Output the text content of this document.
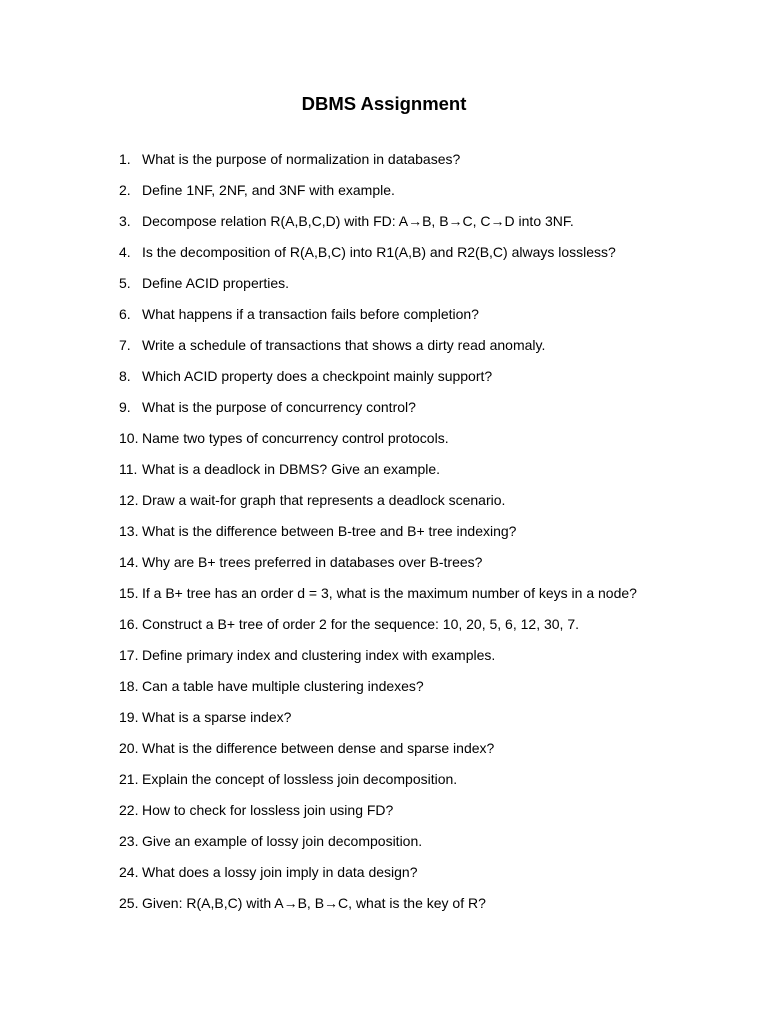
DBMS Assignment
1. What is the purpose of normalization in databases?
2. Define 1NF, 2NF, and 3NF with example.
3. Decompose relation R(A,B,C,D) with FD: A→B, B→C, C→D into 3NF.
4. Is the decomposition of R(A,B,C) into R1(A,B) and R2(B,C) always lossless?
5. Define ACID properties.
6. What happens if a transaction fails before completion?
7. Write a schedule of transactions that shows a dirty read anomaly.
8. Which ACID property does a checkpoint mainly support?
9. What is the purpose of concurrency control?
10. Name two types of concurrency control protocols.
11. What is a deadlock in DBMS? Give an example.
12. Draw a wait-for graph that represents a deadlock scenario.
13. What is the difference between B-tree and B+ tree indexing?
14. Why are B+ trees preferred in databases over B-trees?
15. If a B+ tree has an order d = 3, what is the maximum number of keys in a node?
16. Construct a B+ tree of order 2 for the sequence: 10, 20, 5, 6, 12, 30, 7.
17. Define primary index and clustering index with examples.
18. Can a table have multiple clustering indexes?
19. What is a sparse index?
20. What is the difference between dense and sparse index?
21. Explain the concept of lossless join decomposition.
22. How to check for lossless join using FD?
23. Give an example of lossy join decomposition.
24. What does a lossy join imply in data design?
25. Given: R(A,B,C) with A→B, B→C, what is the key of R?
